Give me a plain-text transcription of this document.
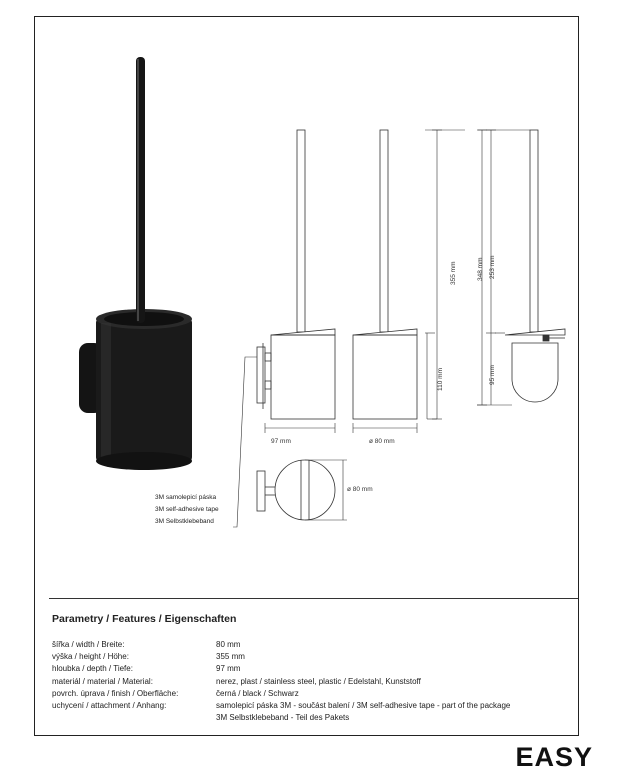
97 mm	ø 80 mm
355 mm
110 mm
348 mm 253 mm
95 mm
ø 80 mm
3M samolepicí páska
3M self-adhesive tape
3M Selbstklebeband
Parametry / Features / Eigenschaften
šířka / width / Breite:	80 mm
výška / height / Höhe:	355 mm
hloubka / depth / Tiefe:	97 mm
materiál / material / Material:	nerez, plast / stainless steel, plastic / Edelstahl, Kunststoff
povrch. úprava / finish / Oberfläche:	černá / black / Schwarz
uchycení / attachment / Anhang:	samolepicí páska 3M - součást balení / 3M self-adhesive tape - part of the package
3M Selbstklebeband - Teil des Pakets
EASY
